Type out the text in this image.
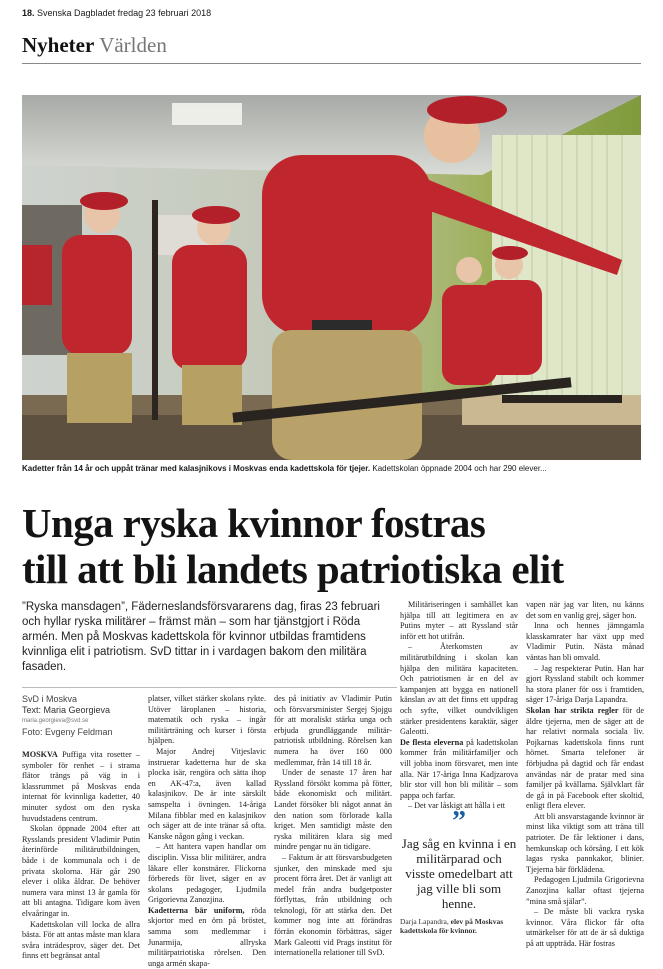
18. Svenska Dagbladet fredag 23 februari 2018
Nyheter Världen
Kadetter från 14 år och uppåt tränar med kalasjnikovs i Moskvas enda kadettskola för tjejer. Kadettskolan öppnade 2004 och har 290 elever...
Unga ryska kvinnor fostras
till att bli landets patriotiska elit
”Ryska mansdagen”, Fäderneslandsförsvararens dag, firas 23 februari och hyllar ryska militärer – främst män – som har tjänstgjort i Röda armén. Men på Moskvas kadettskola för kvinnor utbildas framtidens kvinnliga elit i patriotism. SvD tittar in i vardagen bakom den militära fasaden.
SvD i Moskva
Text: Maria Georgieva
maria.georgieva@svd.se
Foto: Evgeny Feldman

MOSKVA Puffiga vita rosetter – symboler för renhet – i strama flätor trängs på väg in i klassrummet på Moskvas enda internat för kvinnliga kadetter, 40 minuter sydost om den ryska huvudstadens centrum.

Skolan öppnade 2004 efter att Rysslands president Vladimir Putin återinförde militärutbildningen, både i de kommunala och i de privata skolorna. Här går 290 elever i olika åldrar. De behöver numera vara minst 13 år gamla för att bli antagna. Tidigare kom även elvaåringar in.

Kadettskolan vill locka de allra bästa. För att antas måste man klara svåra inträdesprov, säger det. Det finns ett begränsat antal

platser, vilket stärker skolans rykte. Utöver läroplanen – historia, matematik och ryska – ingår militärträning och kurser i första hjälpen.

Major Andrej Vitjeslavic instruerar kadetterna hur de ska plocka isär, rengöra och sätta ihop en AK-47:a, även kallad kalasjnikov. De är inte särskilt samspelta i övningen. 14-åriga Milana fibblar med en kalasjnikov och säger att de inte tränar så ofta. Kanske någon gång i veckan.

– Att hantera vapen handlar om disciplin. Vissa blir militärer, andra läkare eller konstnärer. Flickorna förbereds för livet, säger en av skolans pedagoger, Ljudmila Grigorievna Zanozjina.

Kadetterna bär uniform, röda skjortor med en örn på bröstet, samma som medlemmar i Junarmija, allryska militärpatriotiska rörelsen. Den unga armén skapa-

des på initiativ av Vladimir Putin och försvarsminister Sergej Sjojgu för att moraliskt stärka unga och erbjuda grundläggande militär-patriotisk utbildning. Rörelsen kan numera ha över 160 000 medlemmar, från 14 till 18 år.

Under de senaste 17 åren har Ryssland försökt komma på fötter, både ekonomiskt och militärt. Landet försöker bli något annat än den nation som förlorade kalla kriget. Men samtidigt måste den ryska militären klara sig med mindre pengar nu än tidigare.

– Faktum är att försvarsbudgeten sjunker, den minskade med sju procent förra året. Det är vanligt att medel från andra budgetposter förflyttas, från utbildning och teknologi, för att stärka den. Det kommer nog inte att förändras förrän ekonomin förbättras, säger Mark Galeotti vid Prags institut för internationella relationer till SvD.

Militäriseringen i samhället kan hjälpa till att legitimera en av Putins myter – att Ryssland står inför ett hot utifrån.

– Återkomsten av militärutbildning i skolan kan hjälpa den militära kapaciteten. Och patriotismen är en del av kampanjen att bygga en nationell känslan av att det finns ett uppdrag och syfte, vilket oundvikligen stärker presidentens karaktär, säger Galeotti.

De flesta eleverna på kadettskolan kommer från militärfamiljer och vill jobba inom försvaret, men inte alla. När 17-åriga Inna Kadjzarova blir stor vill hon bli militär – som pappa och farfar.

– Det var låskigt att hålla i ett

”
Jag såg en kvinna i en militärparad och visste omedelbart att jag ville bli som henne.
Darja Lapandra, elev på Moskvas kadettskola för kvinnor.

vapen när jag var liten, nu känns det som en vanlig grej, säger hon.

Inna och hennes jämngamla klasskamrater har växt upp med Vladimir Putin. Nästa månad väntas han bli omvald.

– Jag respekterar Putin. Han har gjort Ryssland stabilt och kommer ha stora planer för oss i framtiden, säger 17-åriga Darja Lapandra.

Skolan har strikta regler för de äldre tjejerna, men de säger att de har relativt normala sociala liv. Pojkarnas kadettskola finns runt hörnet. Smarta telefoner är förbjudna på dagtid och får endast användas när de pratar med sina familjer på kvällarna. Självklart får de gå in på Facebook efter skoltid, enligt flera elever.

Att bli ansvarstagande kvinnor är minst lika viktigt som att träna till patrioter. De får lektioner i dans, hemkunskap och körsång. I ett kök lagas ryska pannkakor, blinier. Tjejerna bär förklädena.

Pedagogen Ljudmila Grigorievna Zanozjina kallar oftast tjejerna ”mina små själar”.

– De måste bli vackra ryska kvinnor. Våra flickor får ofta utmärkelser för att de är så duktiga på att uppträda. Här fostras
